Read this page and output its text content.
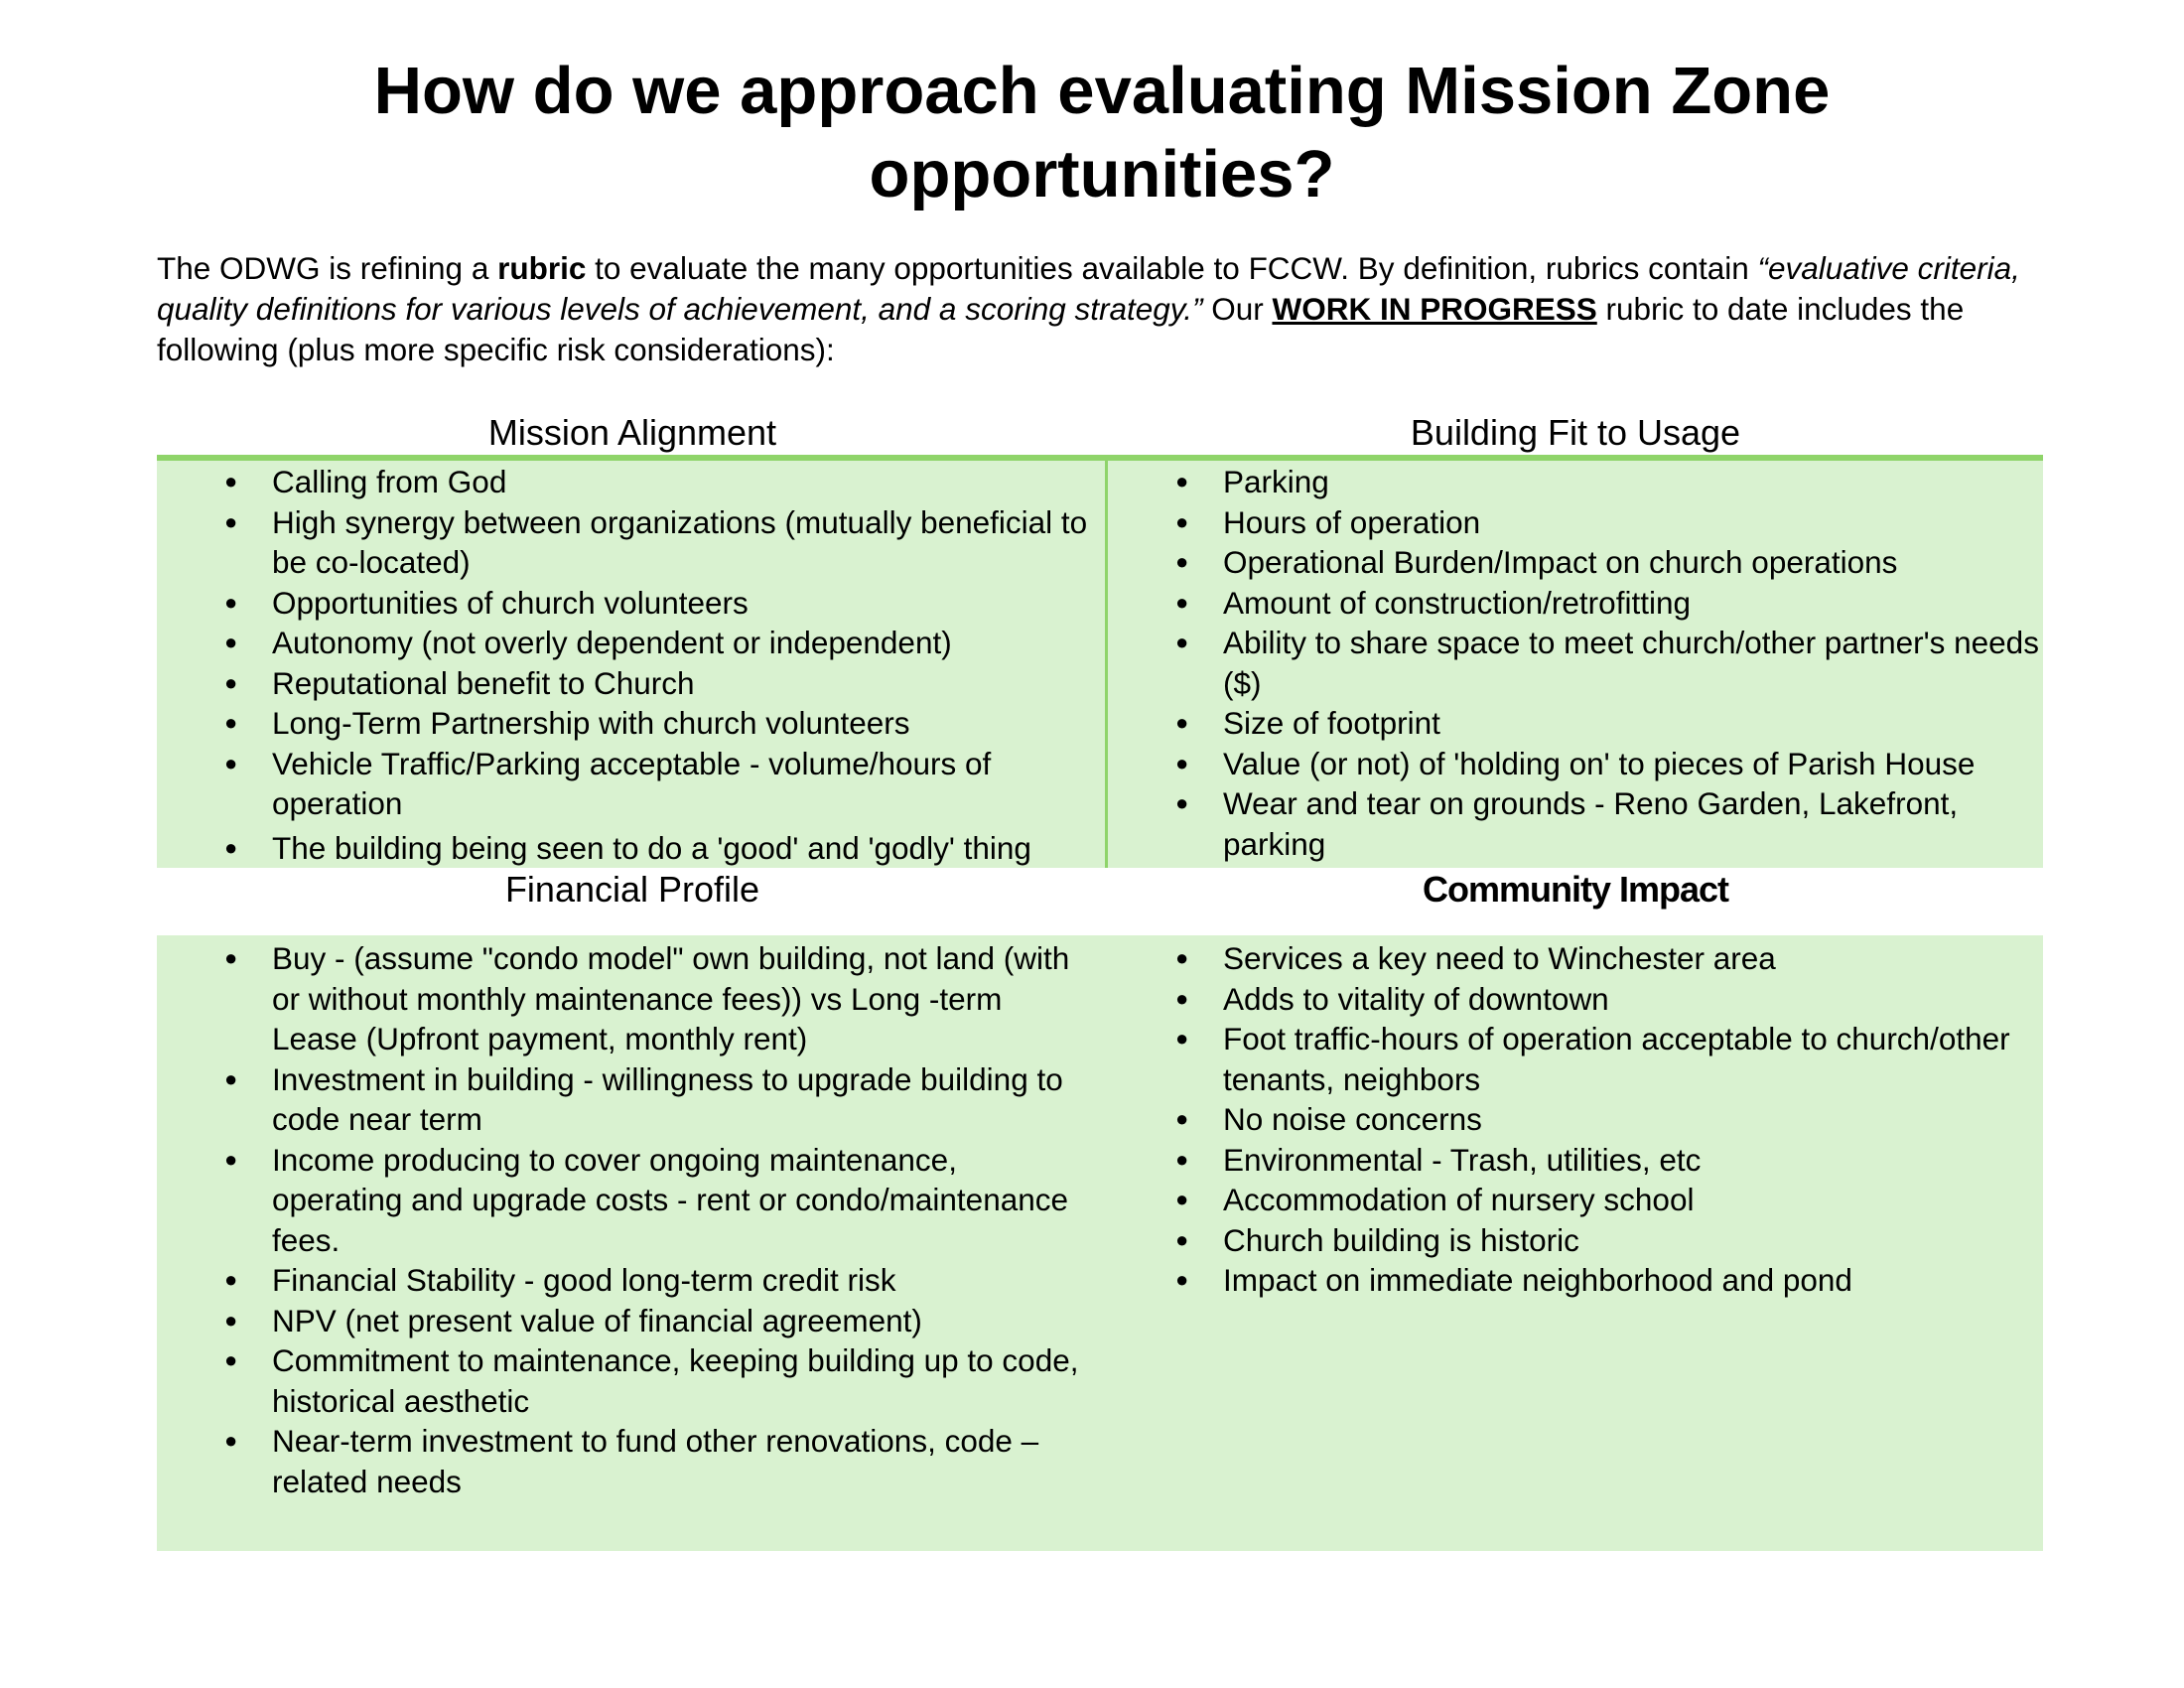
How do we approach evaluating Mission Zone opportunities?

The ODWG is refining a rubric to evaluate the many opportunities available to FCCW. By definition, rubrics contain “evaluative criteria, quality definitions for various levels of achievement, and a scoring strategy.” Our WORK IN PROGRESS rubric to date includes the following (plus more specific risk considerations):

Mission Alignment	Building Fit to Usage
● Calling from God
● High synergy between organizations (mutually beneficial to be co-located)
● Opportunities of church volunteers
● Autonomy (not overly dependent or independent)
● Reputational benefit to Church
● Long-Term Partnership with church volunteers
● Vehicle Traffic/Parking acceptable - volume/hours of operation
● The building being seen to do a 'good' and 'godly' thing
● Parking
● Hours of operation
● Operational Burden/Impact on church operations
● Amount of construction/retrofitting
● Ability to share space to meet church/other partner's needs ($)
● Size of footprint
● Value (or not) of 'holding on' to pieces of Parish House
● Wear and tear on grounds - Reno Garden, Lakefront, parking
Financial Profile	Community Impact
● Buy - (assume "condo model" own building, not land (with or without monthly maintenance fees)) vs Long -term Lease (Upfront payment, monthly rent)
● Investment in building - willingness to upgrade building to code near term
● Income producing to cover ongoing maintenance, operating and upgrade costs - rent or condo/maintenance fees.
● Financial Stability - good long-term credit risk
● NPV (net present value of financial agreement)
● Commitment to maintenance, keeping building up to code, historical aesthetic
● Near-term investment to fund other renovations, code – related needs
● Services a key need to Winchester area
● Adds to vitality of downtown
● Foot traffic-hours of operation acceptable to church/other tenants, neighbors
● No noise concerns
● Environmental - Trash, utilities, etc
● Accommodation of nursery school
● Church building is historic
● Impact on immediate neighborhood and pond
